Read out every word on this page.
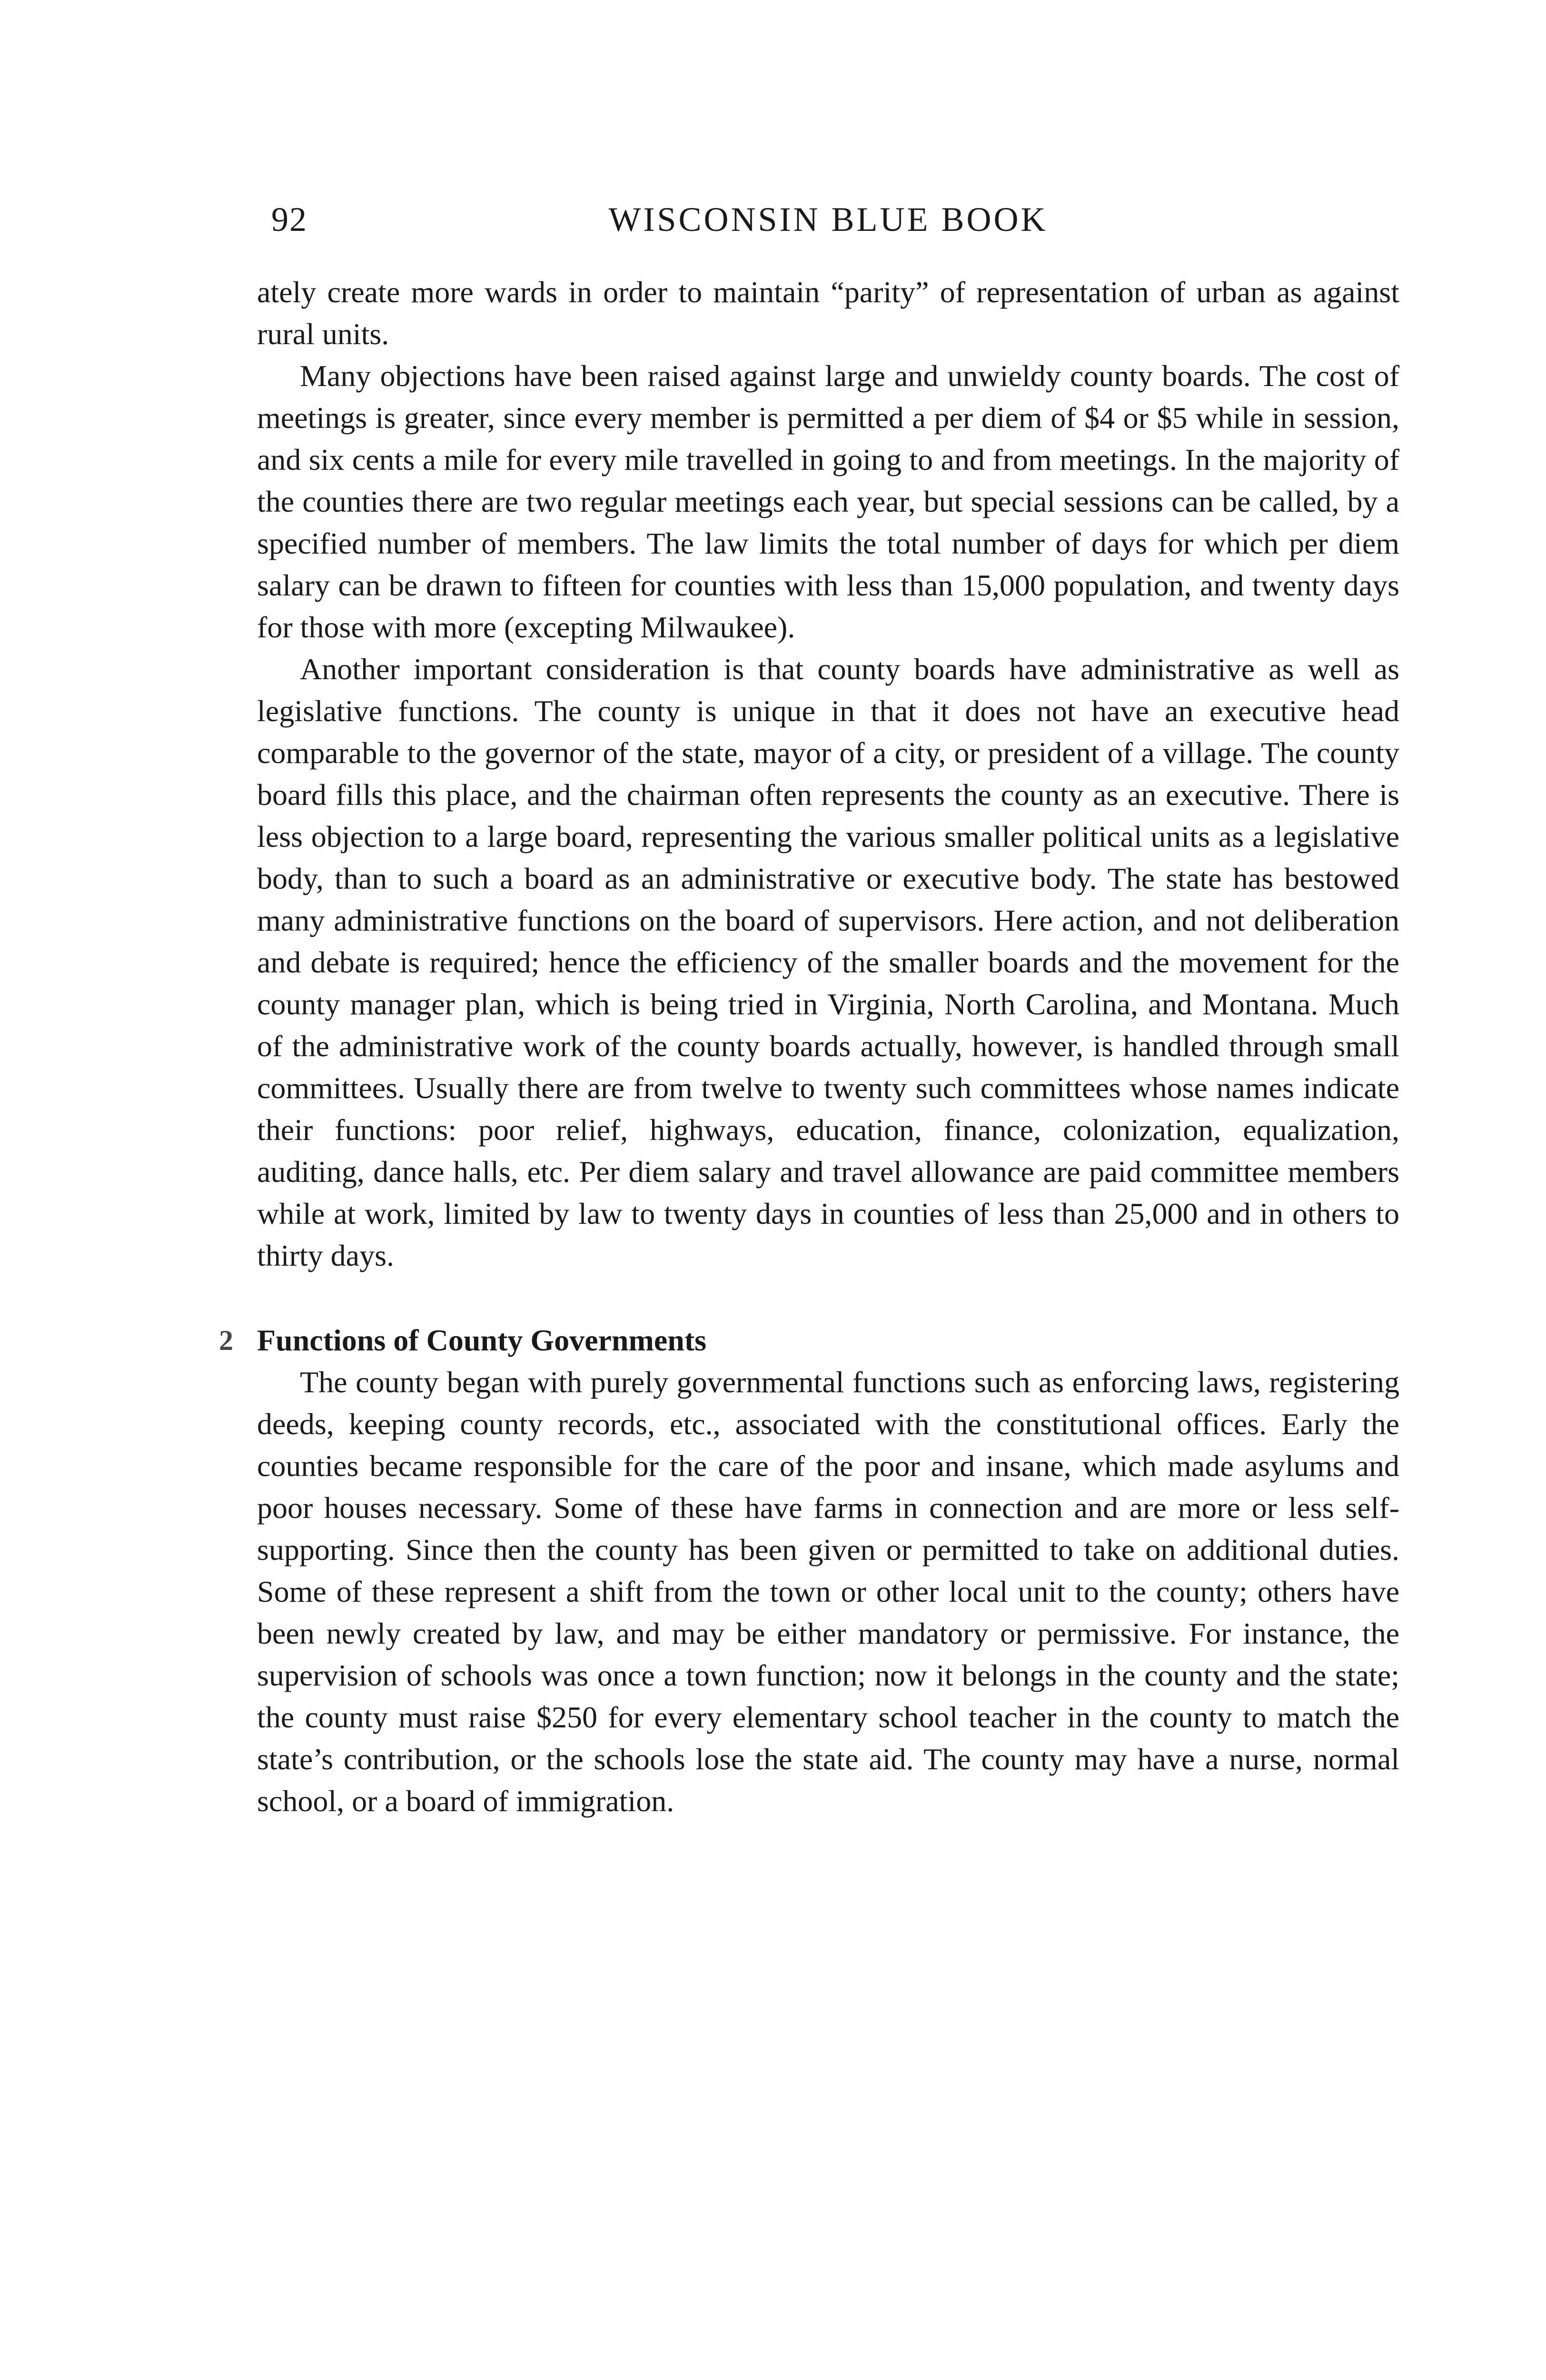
92	WISCONSIN BLUE BOOK

ately create more wards in order to maintain “parity” of representation of urban as against rural units.

Many objections have been raised against large and unwieldy county boards. The cost of meetings is greater, since every member is permitted a per diem of $4 or $5 while in session, and six cents a mile for every mile travelled in going to and from meetings. In the majority of the counties there are two regular meetings each year, but special sessions can be called, by a specified number of members. The law limits the total number of days for which per diem salary can be drawn to fifteen for counties with less than 15,000 population, and twenty days for those with more (excepting Milwaukee).

Another important consideration is that county boards have administrative as well as legislative functions. The county is unique in that it does not have an executive head comparable to the governor of the state, mayor of a city, or president of a village. The county board fills this place, and the chairman often represents the county as an executive. There is less objection to a large board, representing the various smaller political units as a legislative body, than to such a board as an administrative or executive body. The state has bestowed many administrative functions on the board of supervisors. Here action, and not deliberation and debate is required; hence the efficiency of the smaller boards and the movement for the county manager plan, which is being tried in Virginia, North Carolina, and Montana. Much of the administrative work of the county boards actually, however, is handled through small committees. Usually there are from twelve to twenty such committees whose names indicate their functions: poor relief, highways, education, finance, colonization, equalization, auditing, dance halls, etc. Per diem salary and travel allowance are paid committee members while at work, limited by law to twenty days in counties of less than 25,000 and in others to thirty days.

2 Functions of County Governments

The county began with purely governmental functions such as enforcing laws, registering deeds, keeping county records, etc., associated with the constitutional offices. Early the counties became responsible for the care of the poor and insane, which made asylums and poor houses necessary. Some of these have farms in connection and are more or less self-supporting. Since then the county has been given or permitted to take on additional duties. Some of these represent a shift from the town or other local unit to the county; others have been newly created by law, and may be either mandatory or permissive. For instance, the supervision of schools was once a town function; now it belongs in the county and the state; the county must raise $250 for every elementary school teacher in the county to match the state’s contribution, or the schools lose the state aid. The county may have a nurse, normal school, or a board of immigration.
